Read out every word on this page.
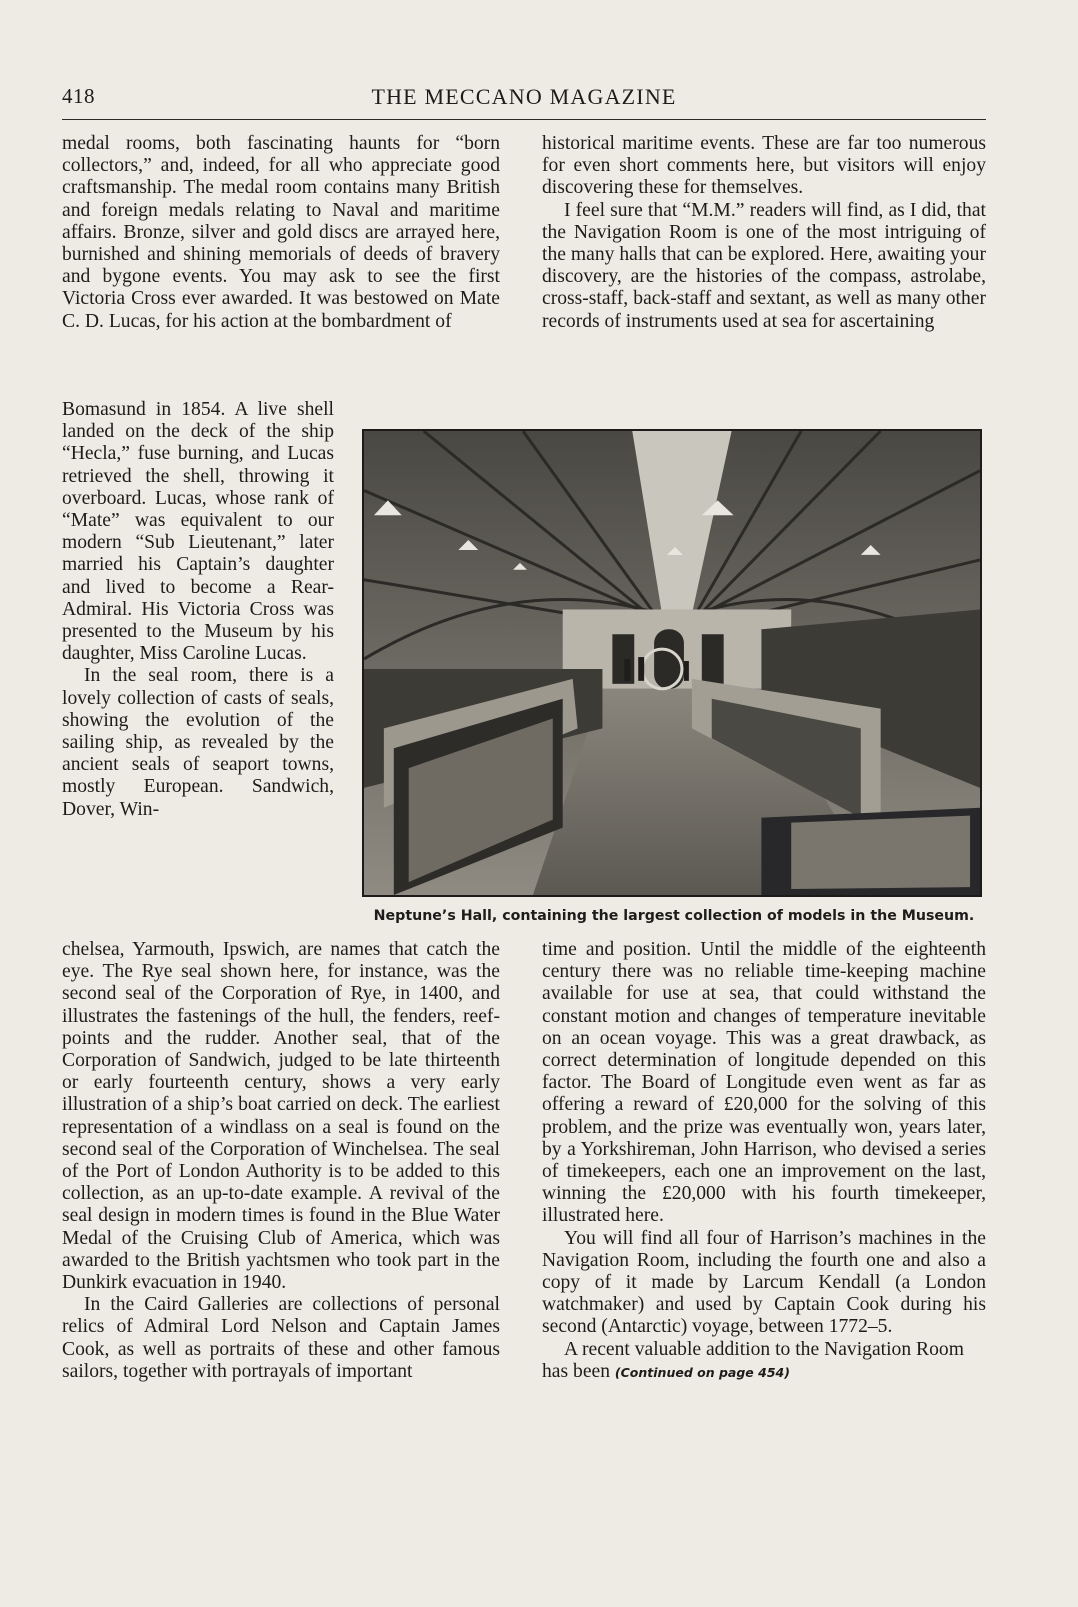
418	THE MECCANO MAGAZINE

medal rooms, both fascinating haunts for “born collectors,” and, indeed, for all who appreciate good craftsmanship. The medal room contains many British and foreign medals relating to Naval and maritime affairs. Bronze, silver and gold discs are arrayed here, burnished and shining memorials of deeds of bravery and bygone events. You may ask to see the first Victoria Cross ever awarded. It was bestowed on Mate C. D. Lucas, for his action at the bombardment of

historical maritime events. These are far too numerous for even short comments here, but visitors will enjoy discovering these for themselves.

I feel sure that “M.M.” readers will find, as I did, that the Navigation Room is one of the most intriguing of the many halls that can be explored. Here, awaiting your discovery, are the histories of the compass, astrolabe, cross-staff, back-staff and sextant, as well as many other records of instruments used at sea for ascertaining

Bomasund in 1854. A live shell landed on the deck of the ship “Hecla,” fuse burning, and Lucas retrieved the shell, throwing it overboard. Lucas, whose rank of “Mate” was equivalent to our modern “Sub Lieutenant,” later married his Captain’s daughter and lived to become a Rear-Admiral. His Victoria Cross was presented to the Museum by his daughter, Miss Caroline Lucas.

In the seal room, there is a lovely collection of casts of seals, showing the evolution of the sailing ship, as revealed by the ancient seals of seaport towns, mostly European. Sandwich, Dover, Win-

Neptune’s Hall, containing the largest collection of models in the Museum.

chelsea, Yarmouth, Ipswich, are names that catch the eye. The Rye seal shown here, for instance, was the second seal of the Corporation of Rye, in 1400, and illustrates the fastenings of the hull, the fenders, reef-points and the rudder. Another seal, that of the Corporation of Sandwich, judged to be late thirteenth or early fourteenth century, shows a very early illustration of a ship’s boat carried on deck. The earliest representation of a windlass on a seal is found on the second seal of the Corporation of Winchelsea. The seal of the Port of London Authority is to be added to this collection, as an up-to-date example. A revival of the seal design in modern times is found in the Blue Water Medal of the Cruising Club of America, which was awarded to the British yachtsmen who took part in the Dunkirk evacuation in 1940.

In the Caird Galleries are collections of personal relics of Admiral Lord Nelson and Captain James Cook, as well as portraits of these and other famous sailors, together with portrayals of important

time and position. Until the middle of the eighteenth century there was no reliable time-keeping machine available for use at sea, that could withstand the constant motion and changes of temperature inevitable on an ocean voyage. This was a great drawback, as correct determination of longitude depended on this factor. The Board of Longitude even went as far as offering a reward of £20,000 for the solving of this problem, and the prize was eventually won, years later, by a Yorkshireman, John Harrison, who devised a series of timekeepers, each one an improvement on the last, winning the £20,000 with his fourth timekeeper, illustrated here.

You will find all four of Harrison’s machines in the Navigation Room, including the fourth one and also a copy of it made by Larcum Kendall (a London watchmaker) and used by Captain Cook during his second (Antarctic) voyage, between 1772–5.

A recent valuable addition to the Navigation Room has been (Continued on page 454)
